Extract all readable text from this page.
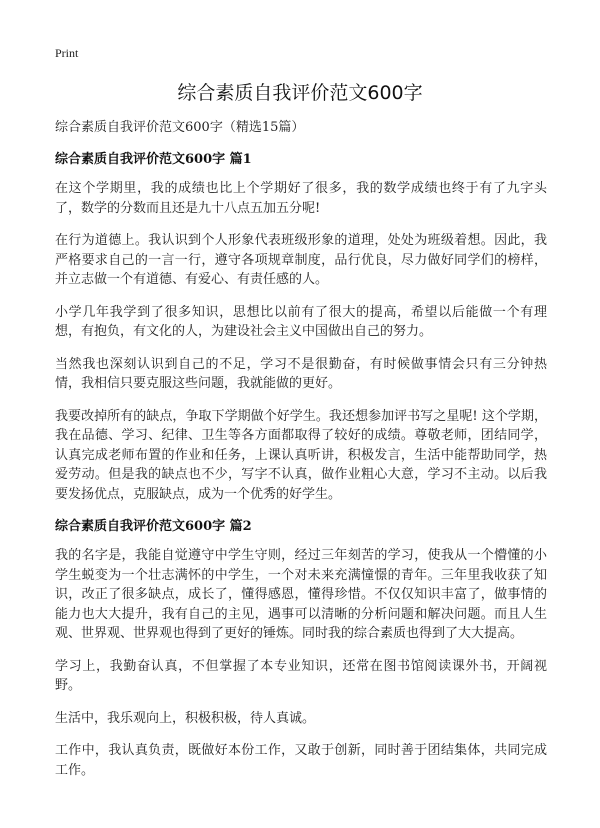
Print
综合素质自我评价范文600字

综合素质自我评价范文600字（精选15篇）

综合素质自我评价范文600字 篇1

在这个学期里，我的成绩也比上个学期好了很多，我的数学成绩也终于有了九字头了，数学的分数而且还是九十八点五加五分呢!

在行为道德上。我认识到个人形象代表班级形象的道理，处处为班级着想。因此，我严格要求自己的一言一行，遵守各项规章制度，品行优良，尽力做好同学们的榜样，并立志做一个有道德、有爱心、有责任感的人。

小学几年我学到了很多知识，思想比以前有了很大的提高，希望以后能做一个有理想，有抱负，有文化的人，为建设社会主义中国做出自己的努力。

当然我也深刻认识到自己的不足，学习不是很勤奋，有时候做事情会只有三分钟热情，我相信只要克服这些问题，我就能做的更好。

我要改掉所有的缺点，争取下学期做个好学生。我还想参加评书写之星呢! 这个学期，我在品德、学习、纪律、卫生等各方面都取得了较好的成绩。尊敬老师，团结同学，认真完成老师布置的作业和任务，上课认真听讲，积极发言，生活中能帮助同学，热爱劳动。但是我的缺点也不少，写字不认真，做作业粗心大意，学习不主动。以后我要发扬优点，克服缺点，成为一个优秀的好学生。

综合素质自我评价范文600字 篇2

我的名字是，我能自觉遵守中学生守则，经过三年刻苦的学习，使我从一个懵懂的小学生蜕变为一个壮志满怀的中学生，一个对未来充满憧憬的青年。三年里我收获了知识，改正了很多缺点，成长了，懂得感恩，懂得珍惜。不仅仅知识丰富了，做事情的能力也大大提升，我有自己的主见，遇事可以清晰的分析问题和解决问题。而且人生观、世界观、世界观也得到了更好的锤炼。同时我的综合素质也得到了大大提高。

学习上，我勤奋认真，不但掌握了本专业知识，还常在图书馆阅读课外书，开阔视野。

生活中，我乐观向上，积极积极，待人真诚。

工作中，我认真负责，既做好本份工作，又敢于创新，同时善于团结集体，共同完成工作。
